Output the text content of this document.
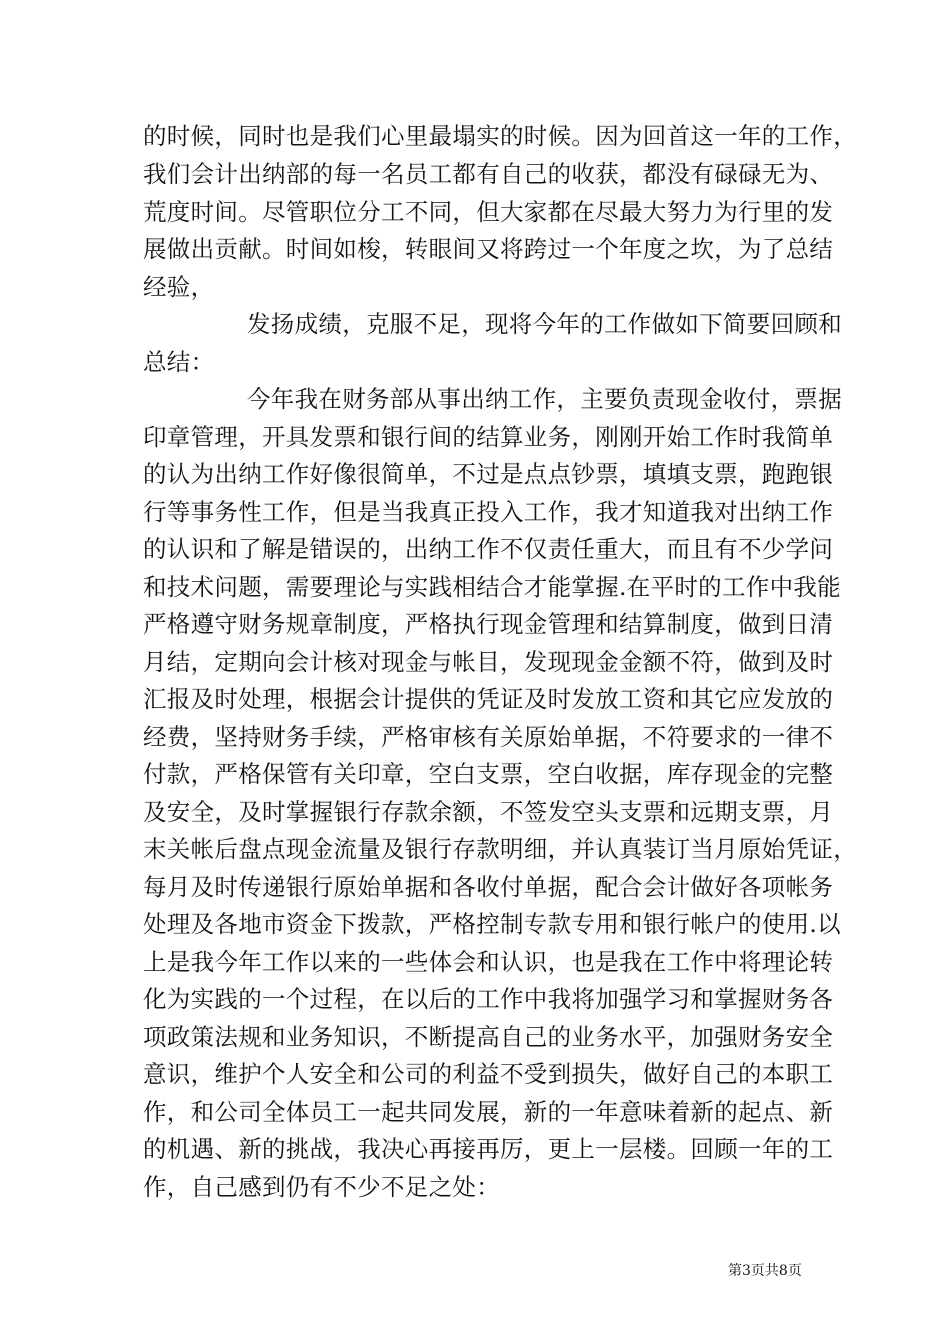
的时候，同时也是我们心里最塌实的时候。因为回首这一年的工作，
我们会计出纳部的每一名员工都有自己的收获，都没有碌碌无为、
荒度时间。尽管职位分工不同，但大家都在尽最大努力为行里的发
展做出贡献。时间如梭，转眼间又将跨过一个年度之坎，为了总结
经验，
发扬成绩，克服不足，现将今年的工作做如下简要回顾和
总结：
今年我在财务部从事出纳工作，主要负责现金收付，票据
印章管理，开具发票和银行间的结算业务，刚刚开始工作时我简单
的认为出纳工作好像很简单，不过是点点钞票，填填支票，跑跑银
行等事务性工作，但是当我真正投入工作，我才知道我对出纳工作
的认识和了解是错误的，出纳工作不仅责任重大，而且有不少学问
和技术问题，需要理论与实践相结合才能掌握.在平时的工作中我能
严格遵守财务规章制度，严格执行现金管理和结算制度，做到日清
月结，定期向会计核对现金与帐目，发现现金金额不符，做到及时
汇报及时处理，根据会计提供的凭证及时发放工资和其它应发放的
经费，坚持财务手续，严格审核有关原始单据，不符要求的一律不
付款，严格保管有关印章，空白支票，空白收据，库存现金的完整
及安全，及时掌握银行存款余额，不签发空头支票和远期支票，月
末关帐后盘点现金流量及银行存款明细，并认真装订当月原始凭证，
每月及时传递银行原始单据和各收付单据，配合会计做好各项帐务
处理及各地市资金下拨款，严格控制专款专用和银行帐户的使用.以
上是我今年工作以来的一些体会和认识，也是我在工作中将理论转
化为实践的一个过程，在以后的工作中我将加强学习和掌握财务各
项政策法规和业务知识，不断提高自己的业务水平，加强财务安全
意识，维护个人安全和公司的利益不受到损失，做好自己的本职工
作，和公司全体员工一起共同发展，新的一年意味着新的起点、新
的机遇、新的挑战，我决心再接再厉，更上一层楼。回顾一年的工
作，自己感到仍有不少不足之处：
第3页共8页
